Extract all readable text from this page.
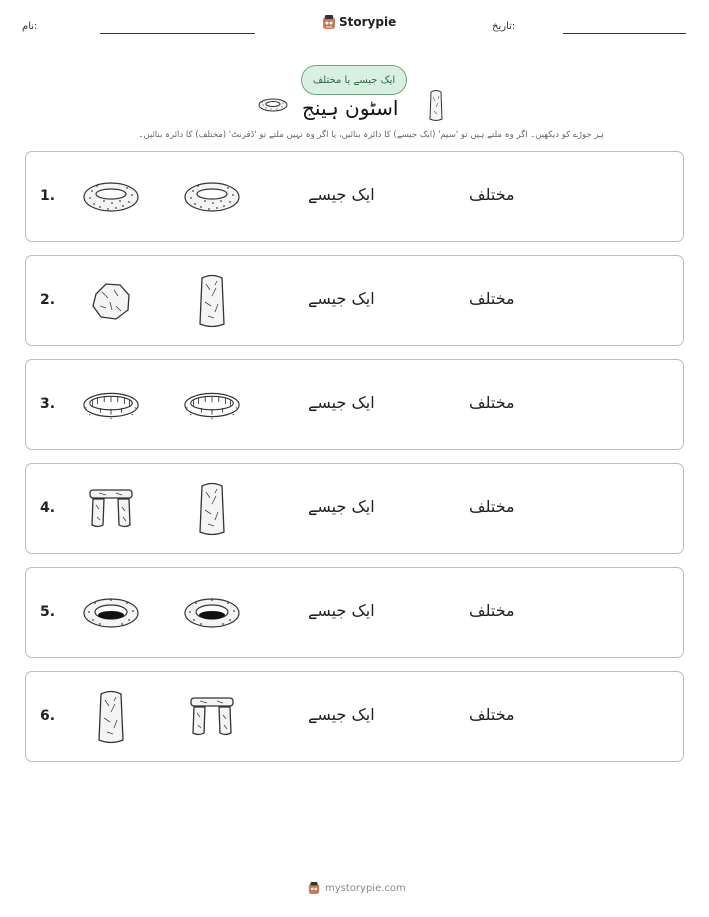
نام:	Storypie	تاریخ:
ایک جیسے یا مختلف
اسٹون ہینج
ہر جوڑے کو دیکھیں۔ اگر وہ ملتے ہیں تو 'سیم' (ایک جیسے) کا دائرہ بنائیں، یا اگر وہ نہیں ملتے تو 'ڈفرنٹ' (مختلف) کا دائرہ بنائیں۔
1.	ایک جیسے	مختلف
2.	ایک جیسے	مختلف
3.	ایک جیسے	مختلف
4.	ایک جیسے	مختلف
5.	ایک جیسے	مختلف
6.	ایک جیسے	مختلف
mystorypie.com
